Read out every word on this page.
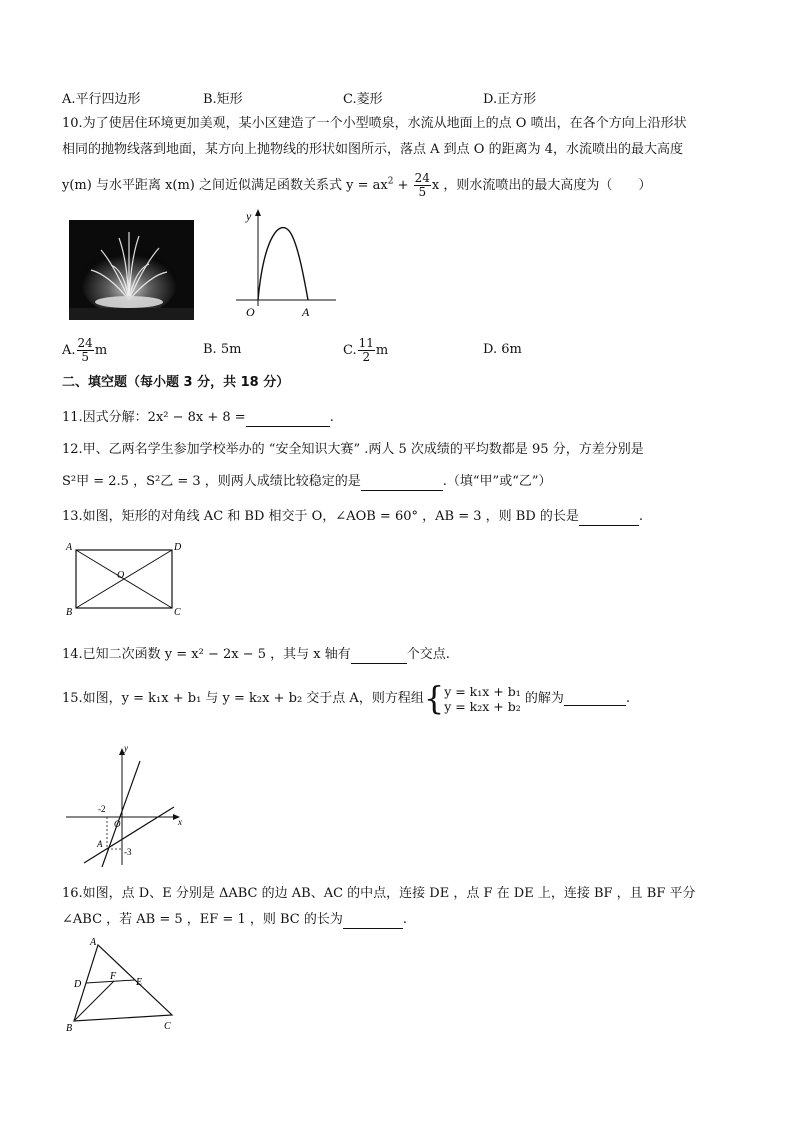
A.平行四边形	B.矩形	C.菱形	D.正方形
10.为了使居住环境更加美观，某小区建造了一个小型喷泉，水流从地面上的点 O 喷出，在各个方向上沿形状
相同的抛物线落到地面，某方向上抛物线的形状如图所示，落点 A 到点 O 的距离为 4，水流喷出的最大高度
y(m) 与水平距离 x(m) 之间近似满足函数关系式 $y = ax^2 + \frac{24}{5}$ x ，则水流喷出的最大高度为（　　）
y
O	A
A. $\frac{24}{5}$ m	B. 5m	C. $\frac{11}{2}$ m	D. 6m
二、填空题（每小题 3 分，共 18 分）
11.因式分解：2x² − 8x + 8 =	.
12.甲、乙两名学生参加学校举办的 “安全知识大赛” .两人 5 次成绩的平均数都是 95 分，方差分别是
S²甲 = 2.5 ，S²乙 = 3 ，则两人成绩比较稳定的是	.（填“甲”或“乙”）
13.如图，矩形的对角线 AC 和 BD 相交于 O，∠AOB = 60° ，AB = 3 ，则 BD 的长是	.
A	D
B	C
O
14.已知二次函数 y = x² − 2x − 5 ，其与 x 轴有	个交点.
15.如图，y = k₁x + b₁ 与 y = k₂x + b₂ 交于点 A，则方程组{ y = k₁x + b₁
y = k₂x + b₂ 的解为	.
y
x
O
-2
A
-3
16.如图，点 D、E 分别是 ΔABC 的边 AB、AC 的中点，连接 DE ，点 F 在 DE 上，连接 BF ，且 BF 平分
∠ABC ，若 AB = 5 ，EF = 1 ，则 BC 的长为	.
A
D	E
F
B	C
